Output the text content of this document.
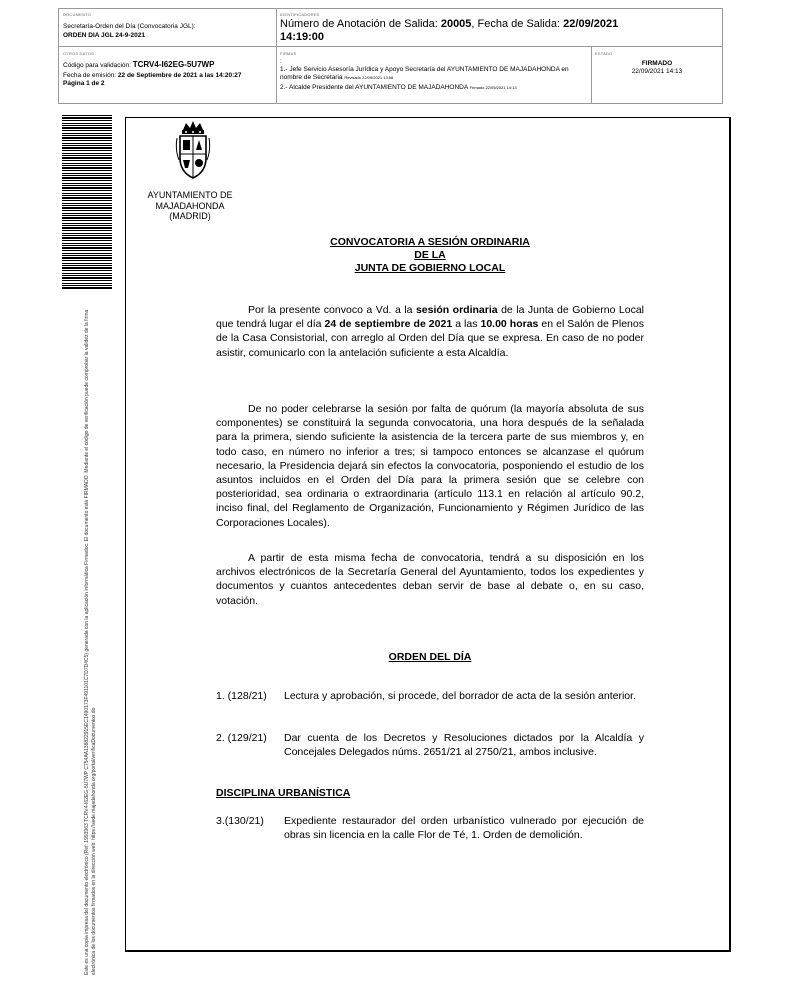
DOCUMENTO
Secretaría-Orden del Día (Convocatoria JGL):
ORDEN DIA JGL 24-9-2021
IDENTIFICADORES
Número de Anotación de Salida: 20005, Fecha de Salida: 22/09/2021
14:19:00
OTROS DATOS
Código para validación: TCRV4-I62EG-5U7WP
Fecha de emisión: 22 de Septiembre de 2021 a las 14:20:27
Página 1 de 2
FIRMAS
:
1.- Jefe Servicio Asesoría Jurídica y Apoyo Secretaría del AYUNTAMIENTO DE MAJADAHONDA en nombre de Secretaria Revisado 22/09/2021 13:56
2.- Alcalde Presidente del AYUNTAMIENTO DE MAJADAHONDA Firmado 22/09/2021 14:13
ESTADO
FIRMADO
22/09/2021 14:13
Este es una copia impresa del documento electrónico (Ref: 1993963 TCRV4-I62EG-5U7WP C754AA138822915EC1490173F491101C7D7D4C5) generada con la aplicación informática Firmadoc. El documento está FIRMADO. Mediante el código de verificación puede comprobar la validez de la firma electrónica de los documentos firmados en la dirección web: https://sede.majadahonda.org/portal/verificaDocumentos.do
AYUNTAMIENTO DE
MAJADAHONDA
(MADRID)
CONVOCATORIA A SESIÓN ORDINARIA
DE LA
JUNTA DE GOBIERNO LOCAL
Por la presente convoco a Vd. a la sesión ordinaria de la Junta de Gobierno Local que tendrá lugar el día 24 de septiembre de 2021 a las 10.00 horas en el Salón de Plenos de la Casa Consistorial, con arreglo al Orden del Día que se expresa. En caso de no poder asistir, comunicarlo con la antelación suficiente a esta Alcaldía.
De no poder celebrarse la sesión por falta de quórum (la mayoría absoluta de sus componentes) se constituirá la segunda convocatoria, una hora después de la señalada para la primera, siendo suficiente la asistencia de la tercera parte de sus miembros y, en todo caso, en número no inferior a tres; si tampoco entonces se alcanzase el quórum necesario, la Presidencia dejará sin efectos la convocatoria, posponiendo el estudio de los asuntos incluidos en el Orden del Día para la primera sesión que se celebre con posterioridad, sea ordinaria o extraordinaria (artículo 113.1 en relación al artículo 90.2, inciso final, del Reglamento de Organización, Funcionamiento y Régimen Jurídico de las Corporaciones Locales).
A partir de esta misma fecha de convocatoria, tendrá a su disposición en los archivos electrónicos de la Secretaría General del Ayuntamiento, todos los expedientes y documentos y cuantos antecedentes deban servir de base al debate o, en su caso, votación.
ORDEN DEL DÍA
1. (128/21) Lectura y aprobación, si procede, del borrador de acta de la sesión anterior.
2. (129/21) Dar cuenta de los Decretos y Resoluciones dictados por la Alcaldía y Concejales Delegados núms. 2651/21 al 2750/21, ambos inclusive.
DISCIPLINA URBANÍSTICA
3.(130/21) Expediente restaurador del orden urbanístico vulnerado por ejecución de obras sin licencia en la calle Flor de Té, 1. Orden de demolición.
